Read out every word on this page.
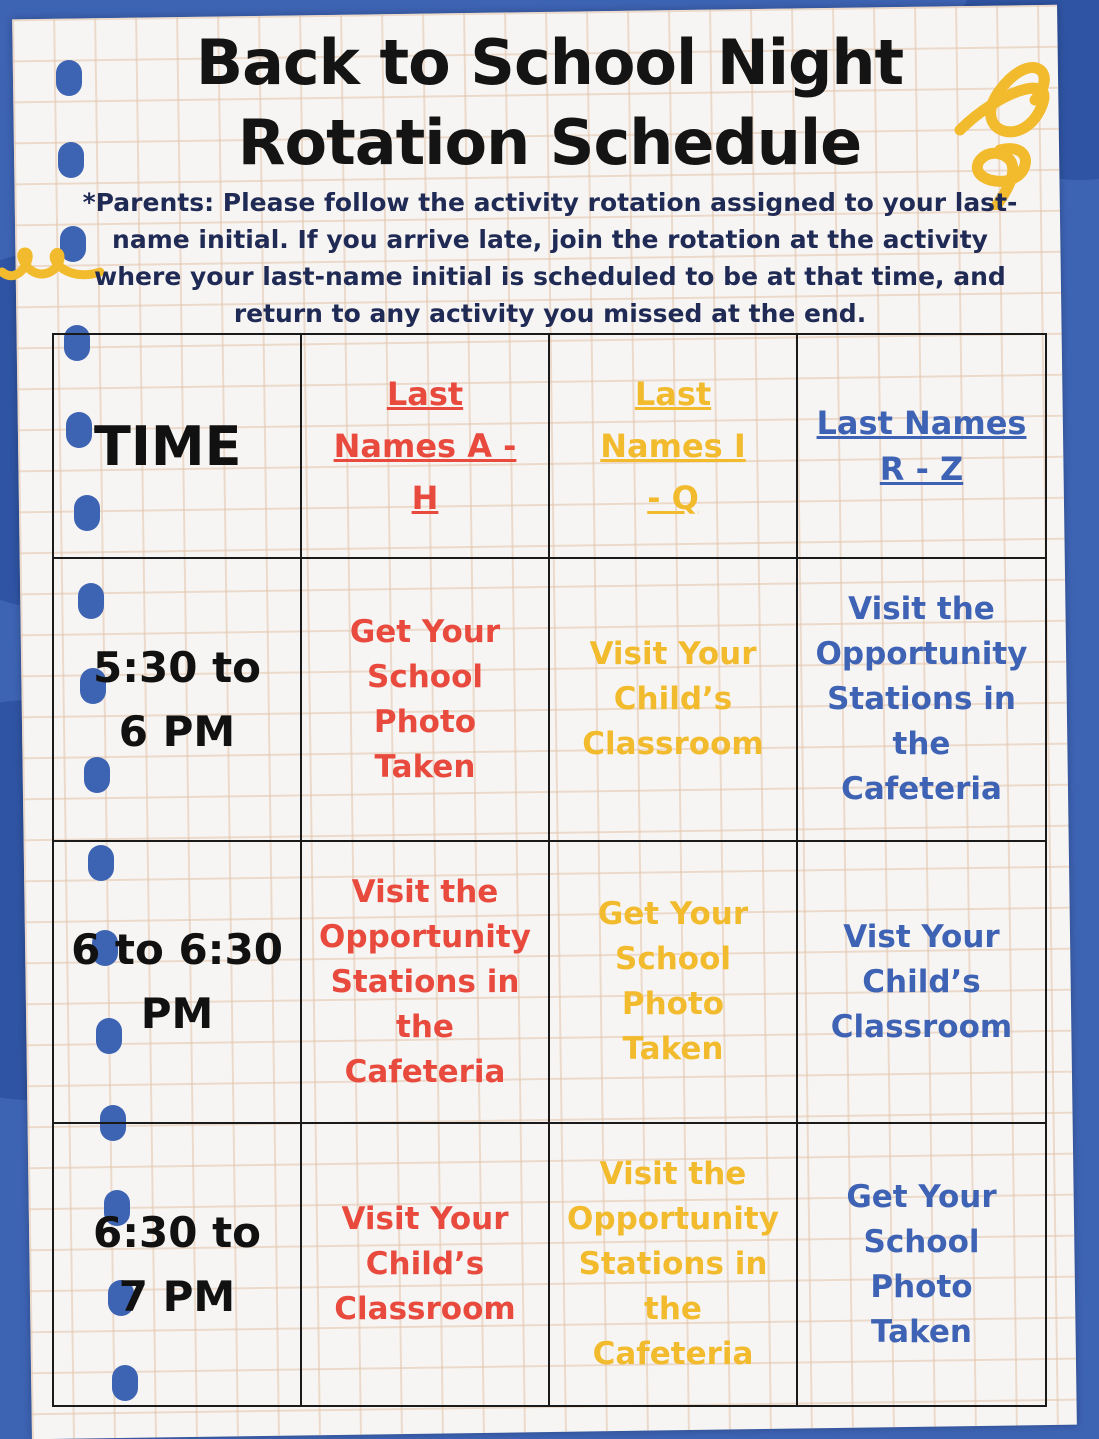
Back to School Night
Rotation Schedule
*Parents: Please follow the activity rotation assigned to your last-name initial. If you arrive late, join the rotation at the activity where your last-name initial is scheduled to be at that time, and return to any activity you missed at the end.
TIME	Last Names A - H	Last Names I - Q	Last Names R - Z
5:30 to 6 PM	Get Your School Photo Taken	Visit Your Child’s Classroom	Visit the Opportunity Stations in the Cafeteria
6 to 6:30 PM	Visit the Opportunity Stations in the Cafeteria	Get Your School Photo Taken	Vist Your Child’s Classroom
6:30 to 7 PM	Visit Your Child’s Classroom	Visit the Opportunity Stations in the Cafeteria	Get Your School Photo Taken
